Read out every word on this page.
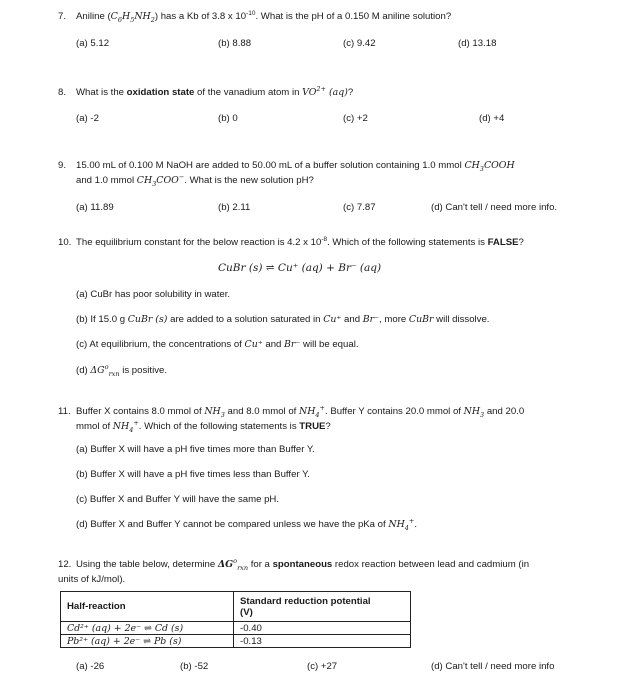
7. Aniline $(C_6H_5NH_2)$ has a Kb of 3.8 x $10^{-10}$. What is the pH of a 0.150 M aniline solution?
(a) 5.12	(b) 8.88	(c) 9.42	(d) 13.18
8. What is the oxidation state of the vanadium atom in $VO^{2+}$ (aq)?
(a) -2	(b) 0	(c) +2	(d) +4
9. 15.00 mL of 0.100 M NaOH are added to 50.00 mL of a buffer solution containing 1.0 mmol $CH_3COOH$
and 1.0 mmol $CH_3COO^-$. What is the new solution pH?
(a) 11.89	(b) 2.11	(c) 7.87	(d) Can't tell / need more info.
10. The equilibrium constant for the below reaction is 4.2 x $10^{-8}$. Which of the following statements is FALSE?
CuBr (s) ⇌ Cu⁺ (aq) + Br⁻ (aq)
(a) CuBr has poor solubility in water.
(b) If 15.0 g CuBr (s) are added to a solution saturated in Cu⁺ and Br⁻, more CuBr will dissolve.
(c) At equilibrium, the concentrations of Cu⁺ and Br⁻ will be equal.
(d) $\Delta G^o_{rxn}$ is positive.
11. Buffer X contains 8.0 mmol of $NH_3$ and 8.0 mmol of $NH_4^+$. Buffer Y contains 20.0 mmol of $NH_3$ and 20.0
mmol of $NH_4^+$. Which of the following statements is TRUE?
(a) Buffer X will have a pH five times more than Buffer Y.
(b) Buffer X will have a pH five times less than Buffer Y.
(c) Buffer X and Buffer Y will have the same pH.
(d) Buffer X and Buffer Y cannot be compared unless we have the pKa of $NH_4^+$.
12. Using the table below, determine $\Delta G^o_{rxn}$ for a spontaneous redox reaction between lead and cadmium (in
units of kJ/mol).
Half-reaction	Standard reduction potential
(V)
Cd²⁺ (aq) + 2e⁻ ⇌ Cd (s)	-0.40
Pb²⁺ (aq) + 2e⁻ ⇌ Pb (s)	-0.13
(a) -26	(b) -52	(c) +27	(d) Can't tell / need more info
